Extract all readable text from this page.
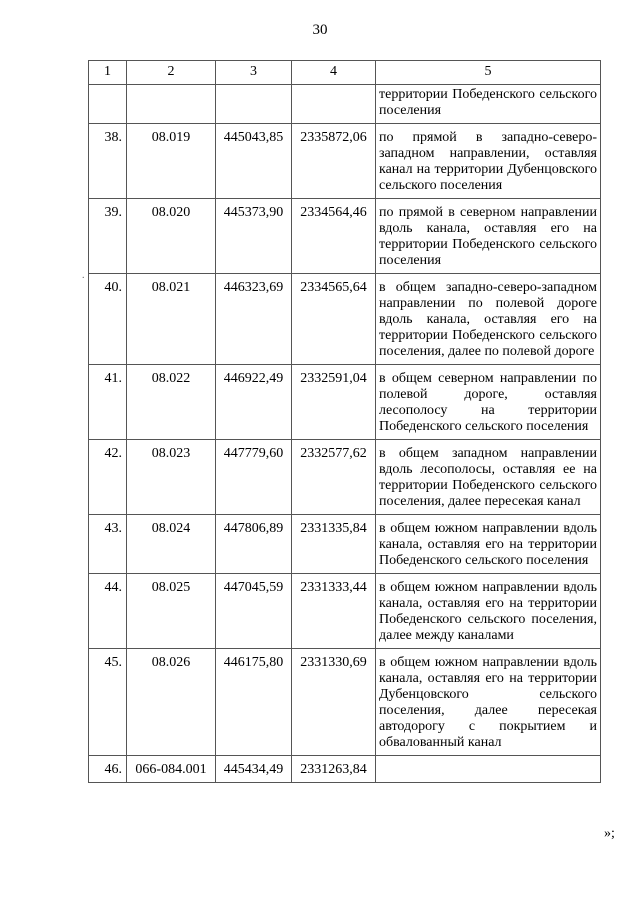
30
.
1	2	3	4	5
				территории Победенского сельского поселения
38.	08.019	445043,85	2335872,06	по прямой в западно-северо-западном направлении, оставляя канал на территории Дубенцовского сельского поселения
39.	08.020	445373,90	2334564,46	по прямой в северном направлении вдоль канала, оставляя его на территории Победенского сельского поселения
40.	08.021	446323,69	2334565,64	в общем западно-северо-западном направлении по полевой дороге вдоль канала, оставляя его на территории Победенского сельского поселения, далее по полевой дороге
41.	08.022	446922,49	2332591,04	в общем северном направлении по полевой дороге, оставляя лесополосу на территории Победенского сельского поселения
42.	08.023	447779,60	2332577,62	в общем западном направлении вдоль лесополосы, оставляя ее на территории Победенского сельского поселения, далее пересекая канал
43.	08.024	447806,89	2331335,84	в общем южном направлении вдоль канала, оставляя его на территории Победенского сельского поселения
44.	08.025	447045,59	2331333,44	в общем южном направлении вдоль канала, оставляя его на территории Победенского сельского поселения, далее между каналами
45.	08.026	446175,80	2331330,69	в общем южном направлении вдоль канала, оставляя его на территории Дубенцовского сельского поселения, далее пересекая автодорогу с покрытием и обвалованный канал
46.	066-084.001	445434,49	2331263,84	
»;
